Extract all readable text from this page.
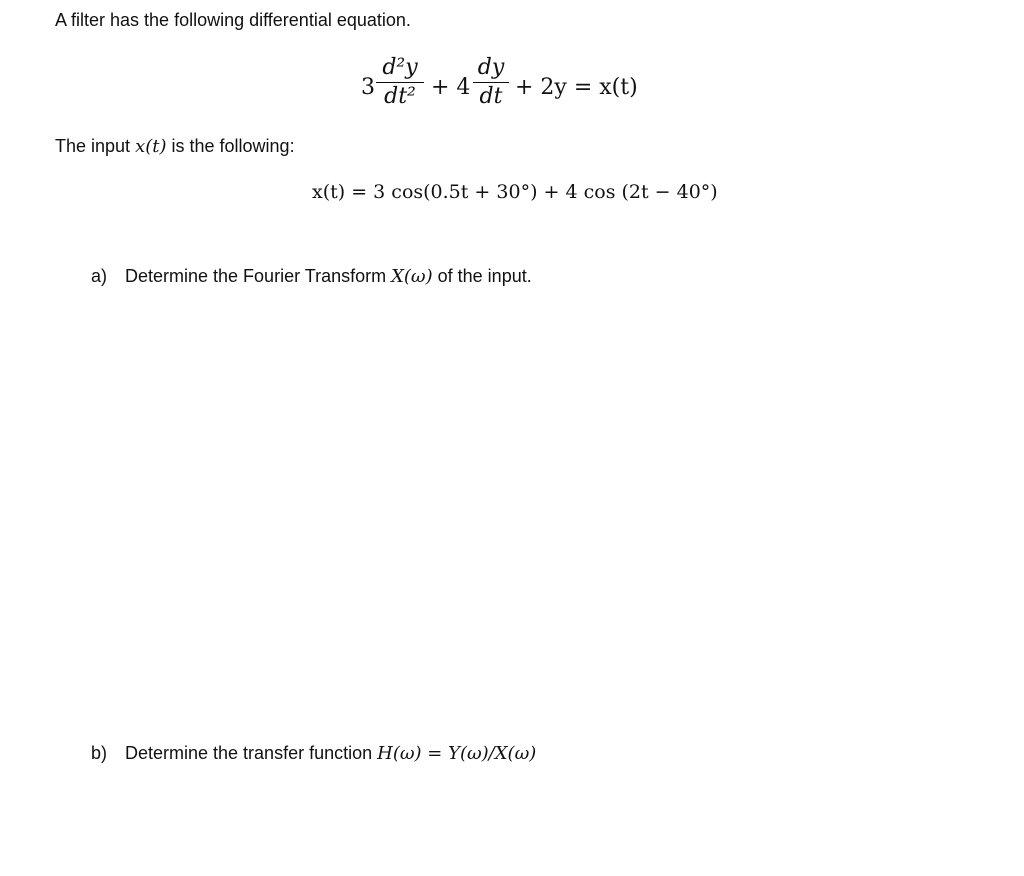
A filter has the following differential equation.
3
d²y
dt² + 4
dy
dt + 2y = x(t)
The input x(t) is the following:
x(t) = 3 cos(0.5t + 30°) + 4 cos (2t − 40°)
a) Determine the Fourier Transform X(ω) of the input.
b) Determine the transfer function H(ω) = Y(ω)/X(ω)
